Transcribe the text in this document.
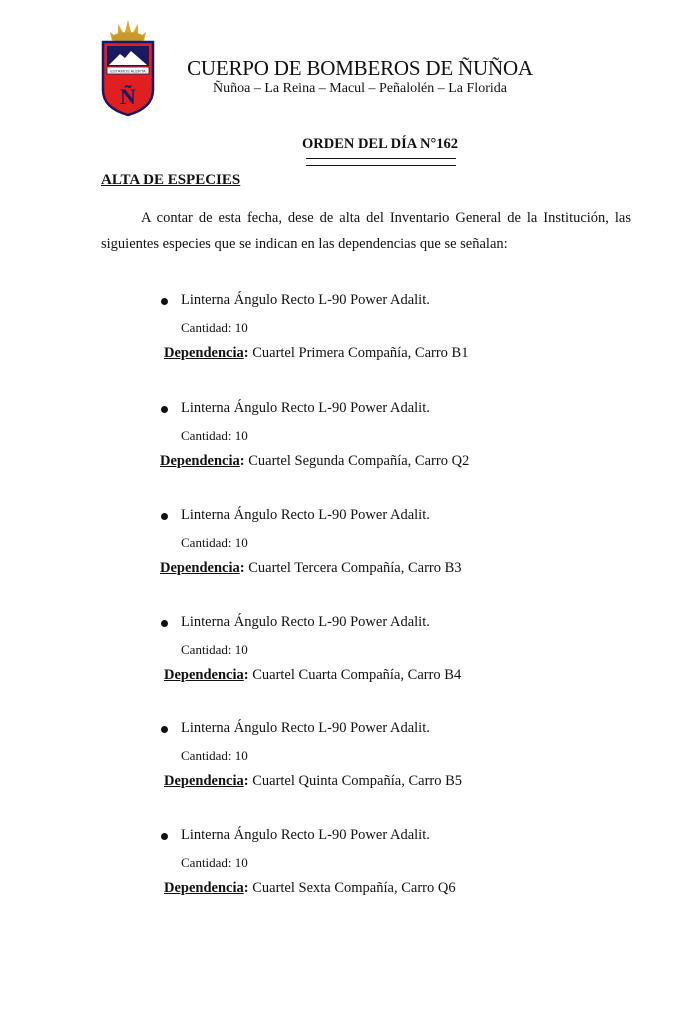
ESTAMOS ALERTA
Ñ
CUERPO DE BOMBEROS DE ÑUÑOA
Ñuñoa – La Reina – Macul – Peñalolén – La Florida
ORDEN DEL DÍA N°162
ALTA DE ESPECIES
A contar de esta fecha, dese de alta del Inventario General de la Institución, las siguientes especies que se indican en las dependencias que se señalan:
Linterna Ángulo Recto L-90 Power Adalit.
Cantidad: 10
Dependencia: Cuartel Primera Compañía, Carro B1
Linterna Ángulo Recto L-90 Power Adalit.
Cantidad: 10
Dependencia: Cuartel Segunda Compañía, Carro Q2
Linterna Ángulo Recto L-90 Power Adalit.
Cantidad: 10
Dependencia: Cuartel Tercera Compañía, Carro B3
Linterna Ángulo Recto L-90 Power Adalit.
Cantidad: 10
Dependencia: Cuartel Cuarta Compañía, Carro B4
Linterna Ángulo Recto L-90 Power Adalit.
Cantidad: 10
Dependencia: Cuartel Quinta Compañía, Carro B5
Linterna Ángulo Recto L-90 Power Adalit.
Cantidad: 10
Dependencia: Cuartel Sexta Compañía, Carro Q6
